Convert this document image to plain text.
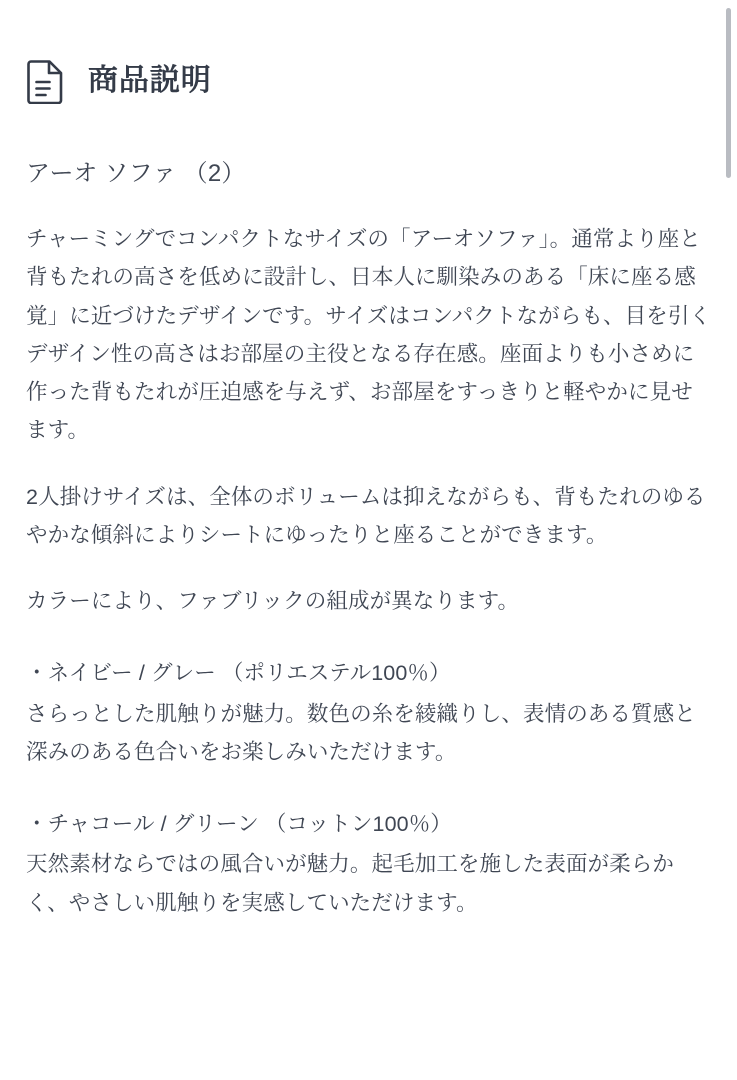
商品説明
アーオ ソファ （2）

チャーミングでコンパクトなサイズの「アーオソファ」。通常より座と背もたれの高さを低めに設計し、日本人に馴染みのある「床に座る感覚」に近づけたデザインです。サイズはコンパクトながらも、目を引くデザイン性の高さはお部屋の主役となる存在感。座面よりも小さめに作った背もたれが圧迫感を与えず、お部屋をすっきりと軽やかに見せます。

2人掛けサイズは、全体のボリュームは抑えながらも、背もたれのゆるやかな傾斜によりシートにゆったりと座ることができます。

カラーにより、ファブリックの組成が異なります。

・ネイビー / グレー （ポリエステル100％）

さらっとした肌触りが魅力。数色の糸を綾織りし、表情のある質感と深みのある色合いをお楽しみいただけます。

・チャコール / グリーン （コットン100％）

天然素材ならではの風合いが魅力。起毛加工を施した表面が柔らかく、やさしい肌触りを実感していただけます。
